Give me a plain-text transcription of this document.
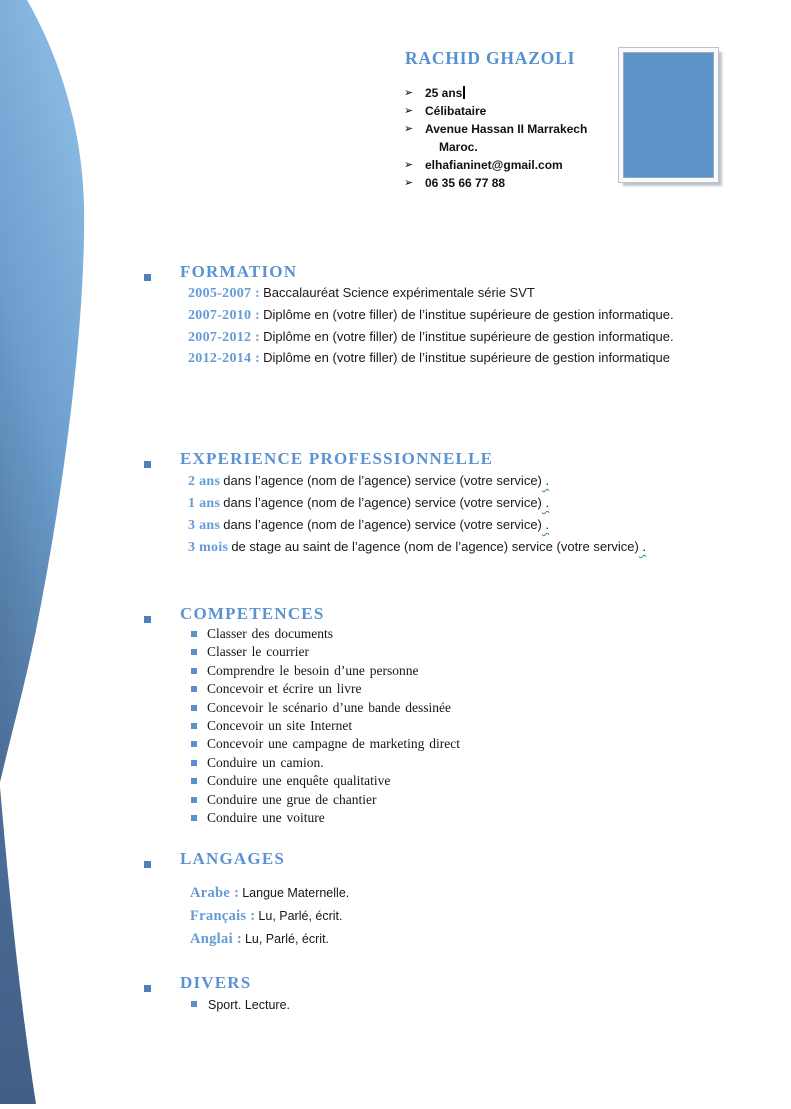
RACHID GHAZOLI
➢ 25 ans
➢ Célibataire
➢ Avenue Hassan II Marrakech Maroc.
➢ elhafianinet@gmail.com
➢ 06 35 66 77 88
FORMATION

2005-2007 : Baccalauréat Science expérimentale série SVT

2007-2010 : Diplôme en (votre filler) de l’institue supérieure de gestion informatique.

2007-2012 : Diplôme en (votre filler) de l’institue supérieure de gestion informatique.

2012-2014 : Diplôme en (votre filler) de l’institue supérieure de gestion informatique

EXPERIENCE PROFESSIONNELLE

2 ans dans l’agence (nom de l’agence) service (votre service) .

1 ans dans l’agence (nom de l’agence) service (votre service) .

3 ans dans l’agence (nom de l’agence) service (votre service) .

3 mois de stage au saint de l’agence (nom de l’agence) service (votre service) .

COMPETENCES
Classer des documents
Classer le courrier
Comprendre le besoin d’une personne
Concevoir et écrire un livre
Concevoir le scénario d’une bande dessinée
Concevoir un site Internet
Concevoir une campagne de marketing direct
Conduire un camion.
Conduire une enquête qualitative
Conduire une grue de chantier
Conduire une voiture
LANGAGES
Arabe : Langue Maternelle.
Français : Lu, Parlé, écrit.
Anglai : Lu, Parlé, écrit.
DIVERS
Sport. Lecture.
